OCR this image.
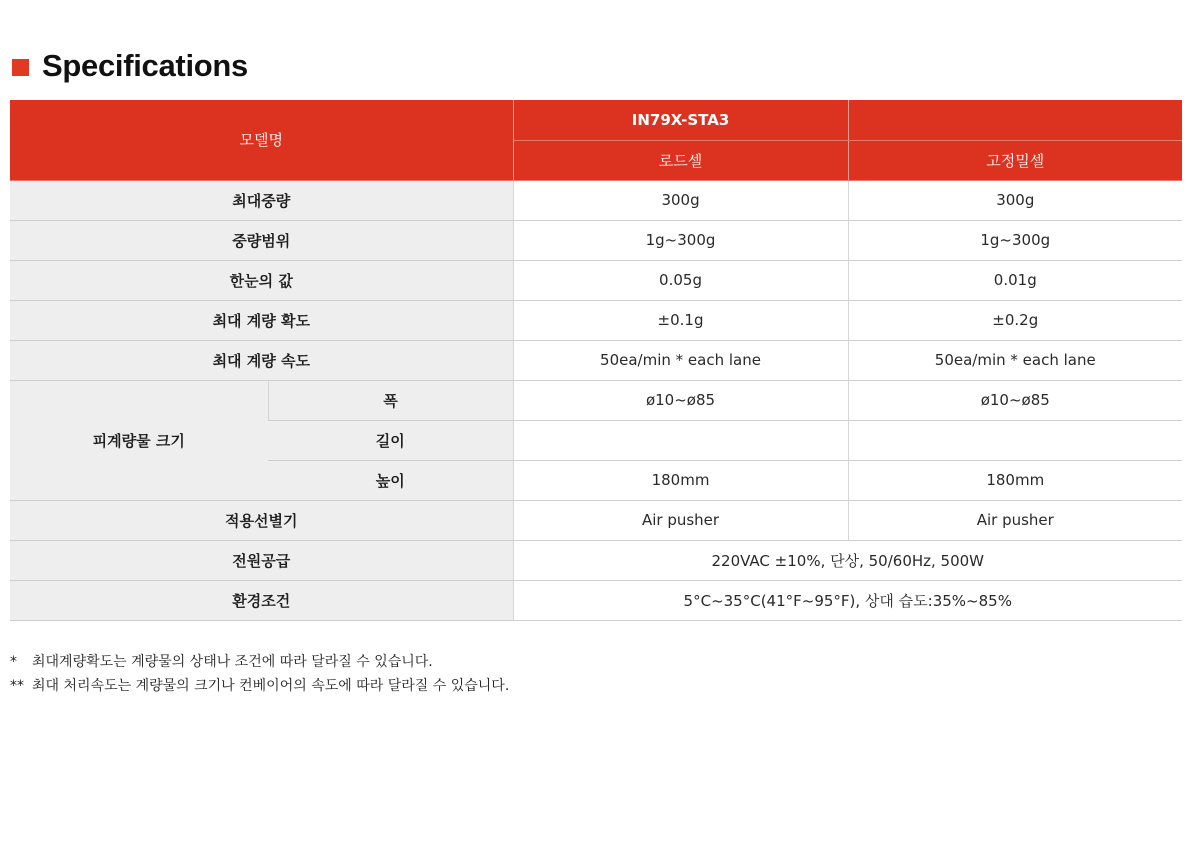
Specifications
모델명		IN79X-STA3	
		로드셀	고정밀셀
최대중량		300g	300g
중량범위		1g~300g	1g~300g
한눈의 값		0.05g	0.01g
최대 계량 확도		±0.1g	±0.2g
최대 계량 속도		50ea/min * each lane	50ea/min * each lane
피계량물 크기	폭	ø10~ø85	ø10~ø85
	길이		
	높이	180mm	180mm
적용선별기		Air pusher	Air pusher
전원공급		220VAC ±10%, 단상, 50/60Hz, 500W	
환경조건		5°C~35°C(41°F~95°F), 상대 습도:35%~85%	
* 최대계량확도는 계량물의 상태나 조건에 따라 달라질 수 있습니다.
** 최대 처리속도는 계량물의 크기나 컨베이어의 속도에 따라 달라질 수 있습니다.
